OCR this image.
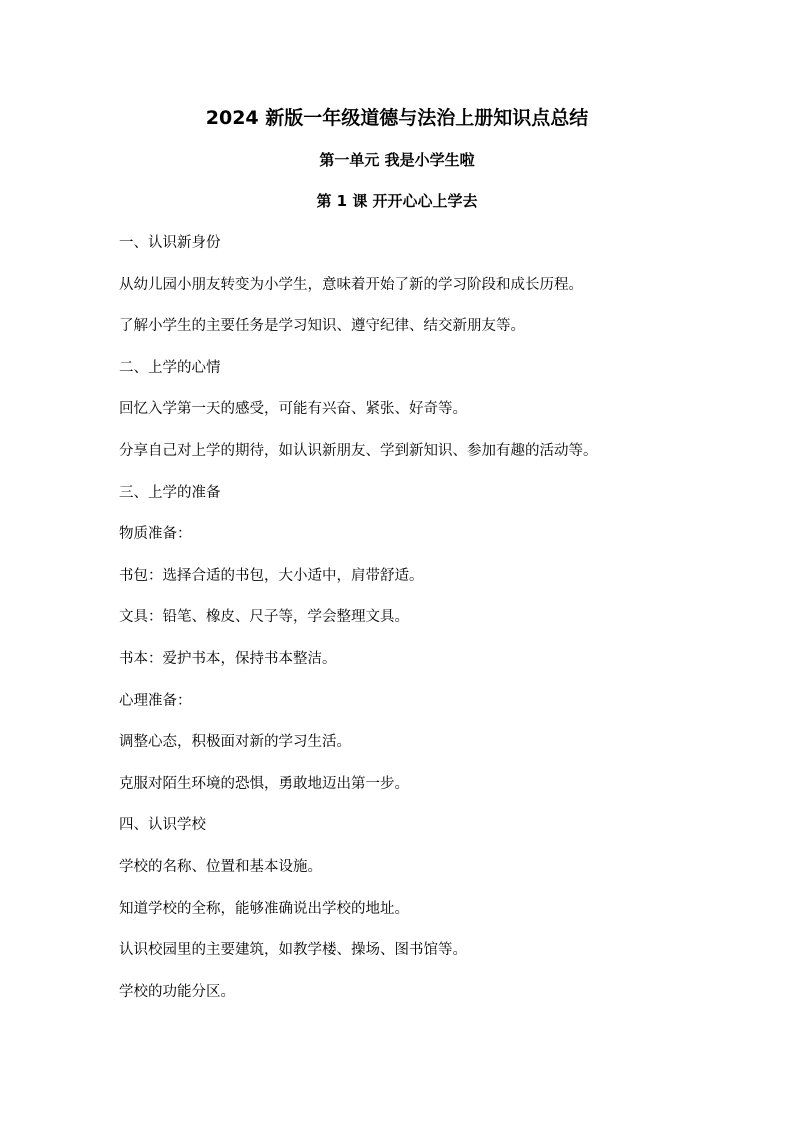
2024 新版一年级道德与法治上册知识点总结
第一单元 我是小学生啦
第 1 课 开开心心上学去
一、认识新身份
从幼儿园小朋友转变为小学生，意味着开始了新的学习阶段和成长历程。
了解小学生的主要任务是学习知识、遵守纪律、结交新朋友等。
二、上学的心情
回忆入学第一天的感受，可能有兴奋、紧张、好奇等。
分享自己对上学的期待，如认识新朋友、学到新知识、参加有趣的活动等。
三、上学的准备
物质准备：
书包：选择合适的书包，大小适中，肩带舒适。
文具：铅笔、橡皮、尺子等，学会整理文具。
书本：爱护书本，保持书本整洁。
心理准备：
调整心态，积极面对新的学习生活。
克服对陌生环境的恐惧，勇敢地迈出第一步。
四、认识学校
学校的名称、位置和基本设施。
知道学校的全称，能够准确说出学校的地址。
认识校园里的主要建筑，如教学楼、操场、图书馆等。
学校的功能分区。
